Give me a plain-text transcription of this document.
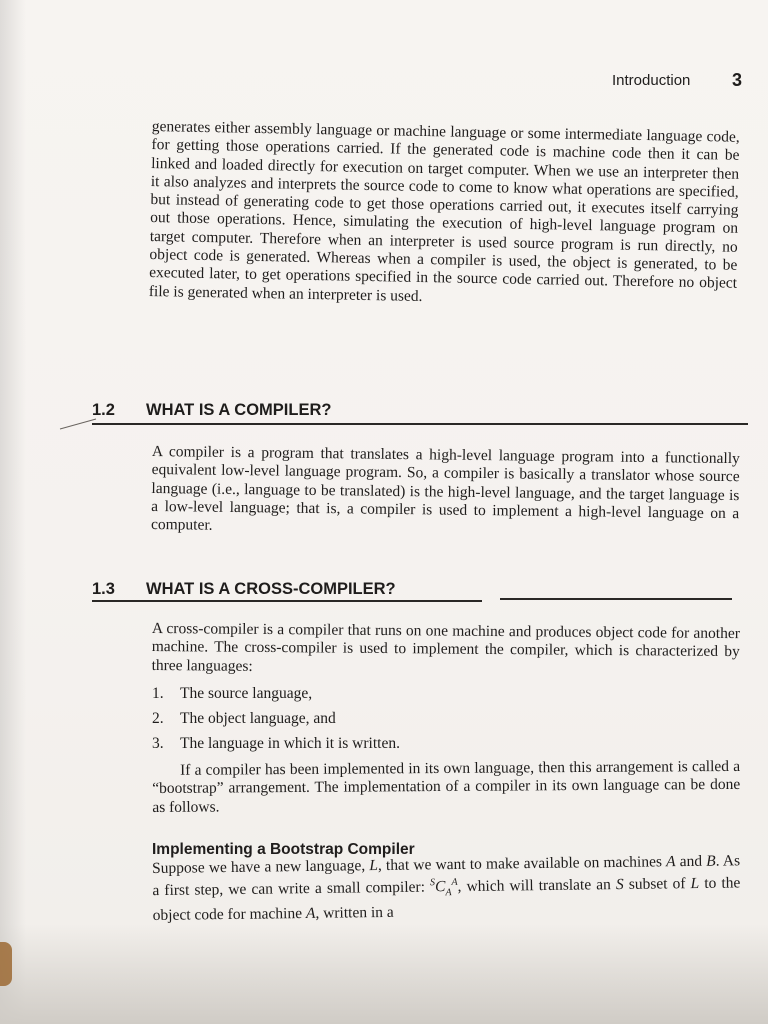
Introduction 3
generates either assembly language or machine language or some intermediate language code, for getting those operations carried. If the generated code is machine code then it can be linked and loaded directly for execution on target computer. When we use an interpreter then it also analyzes and interprets the source code to come to know what operations are specified, but instead of generating code to get those operations carried out, it executes itself carrying out those operations. Hence, simulating the execution of high-level language program on target computer. Therefore when an interpreter is used source program is run directly, no object code is generated. Whereas when a compiler is used, the object is generated, to be executed later, to get operations specified in the source code carried out. Therefore no object file is generated when an interpreter is used.
1.2 WHAT IS A COMPILER?
A compiler is a program that translates a high-level language program into a functionally equivalent low-level language program. So, a compiler is basically a translator whose source language (i.e., language to be translated) is the high-level language, and the target language is a low-level language; that is, a compiler is used to implement a high-level language on a computer.
1.3 WHAT IS A CROSS-COMPILER?
A cross-compiler is a compiler that runs on one machine and produces object code for another machine. The cross-compiler is used to implement the compiler, which is characterized by three languages:
1. The source language,
2. The object language, and
3. The language in which it is written.
If a compiler has been implemented in its own language, then this arrangement is called a “bootstrap” arrangement. The implementation of a compiler in its own language can be done as follows.
Implementing a Bootstrap Compiler
Suppose we have a new language, L, that we want to make available on machines A and B. As a first step, we can write a small compiler: $^SC_A^A$, which will translate an S subset of L to the object code for machine A, written in a
